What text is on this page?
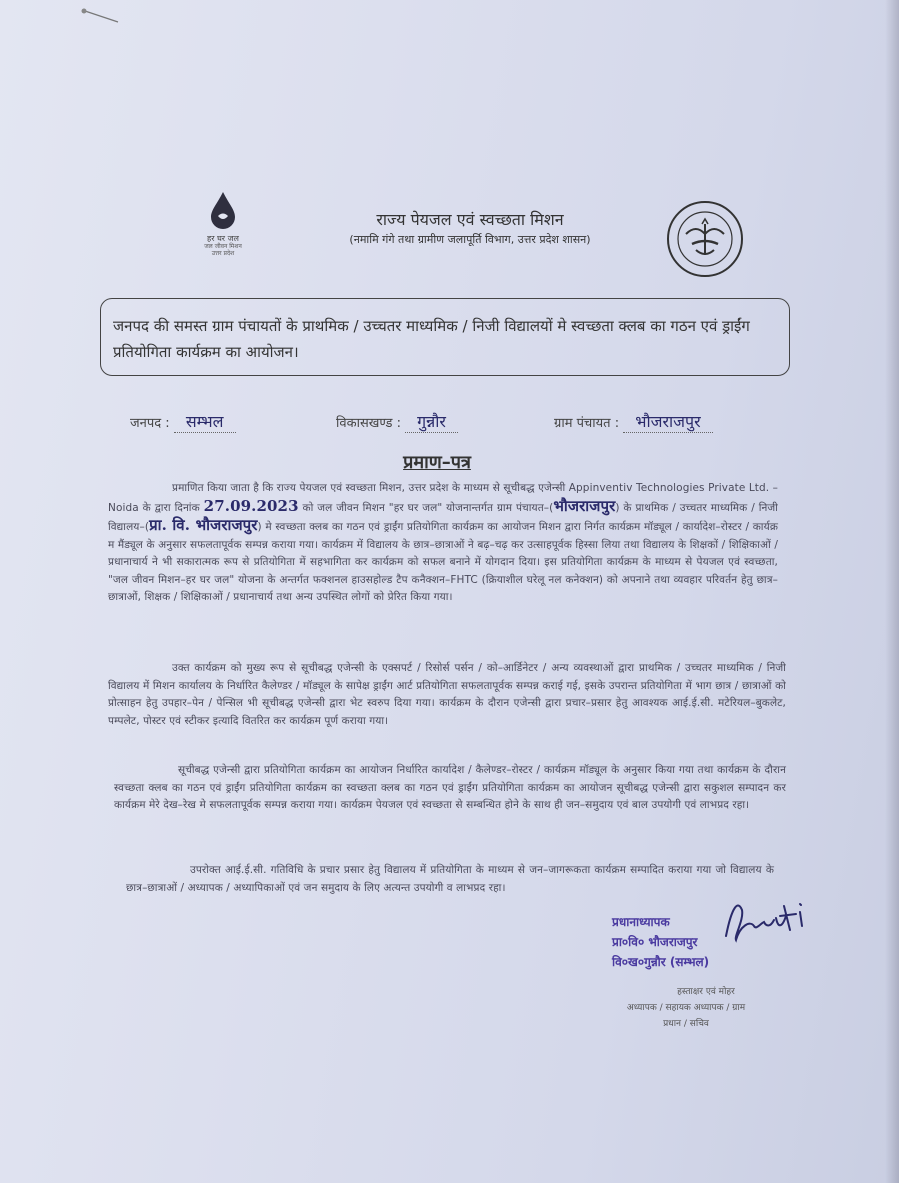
हर घर जल
जल जीवन मिशन
उत्तर प्रदेश
राज्य पेयजल एवं स्वच्छता मिशन
(नमामि गंगे तथा ग्रामीण जलापूर्ति विभाग, उत्तर प्रदेश शासन)
जनपद की समस्त ग्राम पंचायतों के प्राथमिक / उच्चतर माध्यमिक / निजी विद्यालयों मे स्वच्छता क्लब का गठन एवं ड्राईंग प्रतियोगिता कार्यक्रम का आयोजन।
जनपद : सम्भल	विकासखण्ड : गुन्नौर	ग्राम पंचायत : भौजराजपुर
प्रमाण–पत्र
प्रमाणित किया जाता है कि राज्य पेयजल एवं स्वच्छता मिशन, उत्तर प्रदेश के माध्यम से सूचीबद्ध एजेन्सी Appinventiv Technologies Private Ltd. – Noida के द्वारा दिनांक 27.09.2023 को जल जीवन मिशन "हर घर जल" योजनान्तर्गत ग्राम पंचायत–(भौजराजपुर) के प्राथमिक / उच्चतर माध्यमिक / निजी विद्यालय–(प्रा. वि. भौजराजपुर) मे स्वच्छता क्लब का गठन एवं ड्राईंग प्रतियोगिता कार्यक्रम का आयोजन मिशन द्वारा निर्गत कार्यक्रम मॉड्यूल / कार्यादेश–रोस्टर / कार्यक्र म मैंड्यूल के अनुसार सफलतापूर्वक सम्पन्न कराया गया। कार्यक्रम में विद्यालय के छात्र–छात्राओं ने बढ़–चढ़ कर उत्साहपूर्वक हिस्सा लिया तथा विद्यालय के शिक्षकों / शिक्षिकाओं / प्रधानाचार्य ने भी सकारात्मक रूप से प्रतियोगिता में सहभागिता कर कार्यक्रम को सफल बनाने में योगदान दिया। इस प्रतियोगिता कार्यक्रम के माध्यम से पेयजल एवं स्वच्छता, "जल जीवन मिशन–हर घर जल" योजना के अन्तर्गत फक्शनल हाउसहोल्ड टैप कनैक्शन–FHTC (क्रियाशील घरेलू नल कनेक्शन) को अपनाने तथा व्यवहार परिवर्तन हेतु छात्र–छात्राओं, शिक्षक / शिक्षिकाओं / प्रधानाचार्य तथा अन्य उपस्थित लोगों को प्रेरित किया गया।
उक्त कार्यक्रम को मुख्य रूप से सूचीबद्ध एजेन्सी के एक्सपर्ट / रिसोर्स पर्सन / को–आर्डिनेटर / अन्य व्यवस्थाओं द्वारा प्राथमिक / उच्चतर माध्यमिक / निजी विद्यालय में मिशन कार्यालय के निर्धारित कैलेण्डर / मॉड्यूल के सापेक्ष ड्राईंग आर्ट प्रतियोगिता सफलतापूर्वक सम्पन्न कराई गई, इसके उपरान्त प्रतियोगिता में भाग छात्र / छात्राओं को प्रोत्साहन हेतु उपहार–पेन / पेन्सिल भी सूचीबद्ध एजेन्सी द्वारा भेट स्वरुप दिया गया। कार्यक्रम के दौरान एजेन्सी द्वारा प्रचार–प्रसार हेतु आवश्यक आई.ई.सी. मटेरियल–बुकलेट, पम्पलेट, पोस्टर एवं स्टीकर इत्यादि वितरित कर कार्यक्रम पूर्ण कराया गया।
सूचीबद्ध एजेन्सी द्वारा प्रतियोगिता कार्यक्रम का आयोजन निर्धारित कार्यादेश / कैलेण्डर–रोस्टर / कार्यक्रम मॉड्यूल के अनुसार किया गया तथा कार्यक्रम के दौरान स्वच्छता क्लब का गठन एवं ड्राईंग प्रतियोगिता कार्यक्रम का स्वच्छता क्लब का गठन एवं ड्राईंग प्रतियोगिता कार्यक्रम का आयोजन सूचीबद्ध एजेन्सी द्वारा सकुशल सम्पादन कर कार्यक्रम मेरे देख–रेख मे सफलतापूर्वक सम्पन्न कराया गया। कार्यक्रम पेयजल एवं स्वच्छता से सम्बन्धित होने के साथ ही जन–समुदाय एवं बाल उपयोगी एवं लाभप्रद रहा।
उपरोक्त आई.ई.सी. गतिविधि के प्रचार प्रसार हेतु विद्यालय में प्रतियोगिता के माध्यम से जन–जागरूकता कार्यक्रम सम्पादित कराया गया जो विद्यालय के छात्र–छात्राओं / अध्यापक / अध्यापिकाओं एवं जन समुदाय के लिए अत्यन्त उपयोगी व लाभप्रद रहा।
प्रधानाध्यापक
प्रा०वि० भौजराजपुर
वि०ख०गुन्नौर (सम्भल)
हस्ताक्षर एवं मोहर
अध्यापक / सहायक अध्यापक / ग्राम
प्रधान / सचिव
